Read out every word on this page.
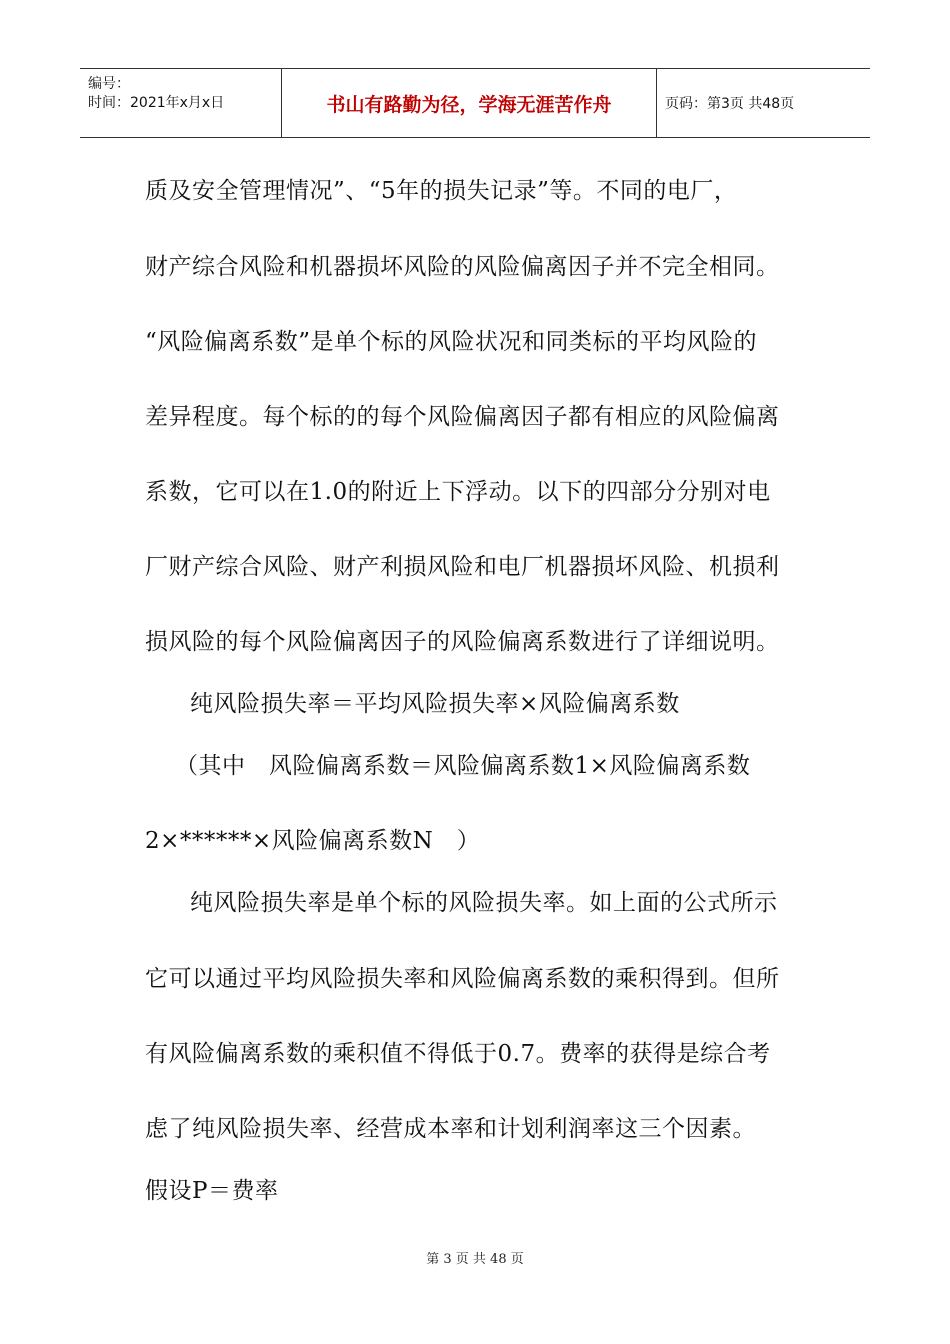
编号：
时间：2021年x月x日	书山有路勤为径，学海无涯苦作舟	页码：第3页 共48页
质及安全管理情况”、“5年的损失记录”等。不同的电厂，
财产综合风险和机器损坏风险的风险偏离因子并不完全相同。
“风险偏离系数”是单个标的风险状况和同类标的平均风险的
差异程度。每个标的的每个风险偏离因子都有相应的风险偏离
系数，它可以在1.0的附近上下浮动。以下的四部分分别对电
厂财产综合风险、财产利损风险和电厂机器损坏风险、机损利
损风险的每个风险偏离因子的风险偏离系数进行了详细说明。
纯风险损失率＝平均风险损失率×风险偏离系数
（其中　风险偏离系数＝风险偏离系数1×风险偏离系数
2×******×风险偏离系数N　）
纯风险损失率是单个标的风险损失率。如上面的公式所示
它可以通过平均风险损失率和风险偏离系数的乘积得到。但所
有风险偏离系数的乘积值不得低于0.7。费率的获得是综合考
虑了纯风险损失率、经营成本率和计划利润率这三个因素。
假设P＝费率
第 3 页 共 48 页
